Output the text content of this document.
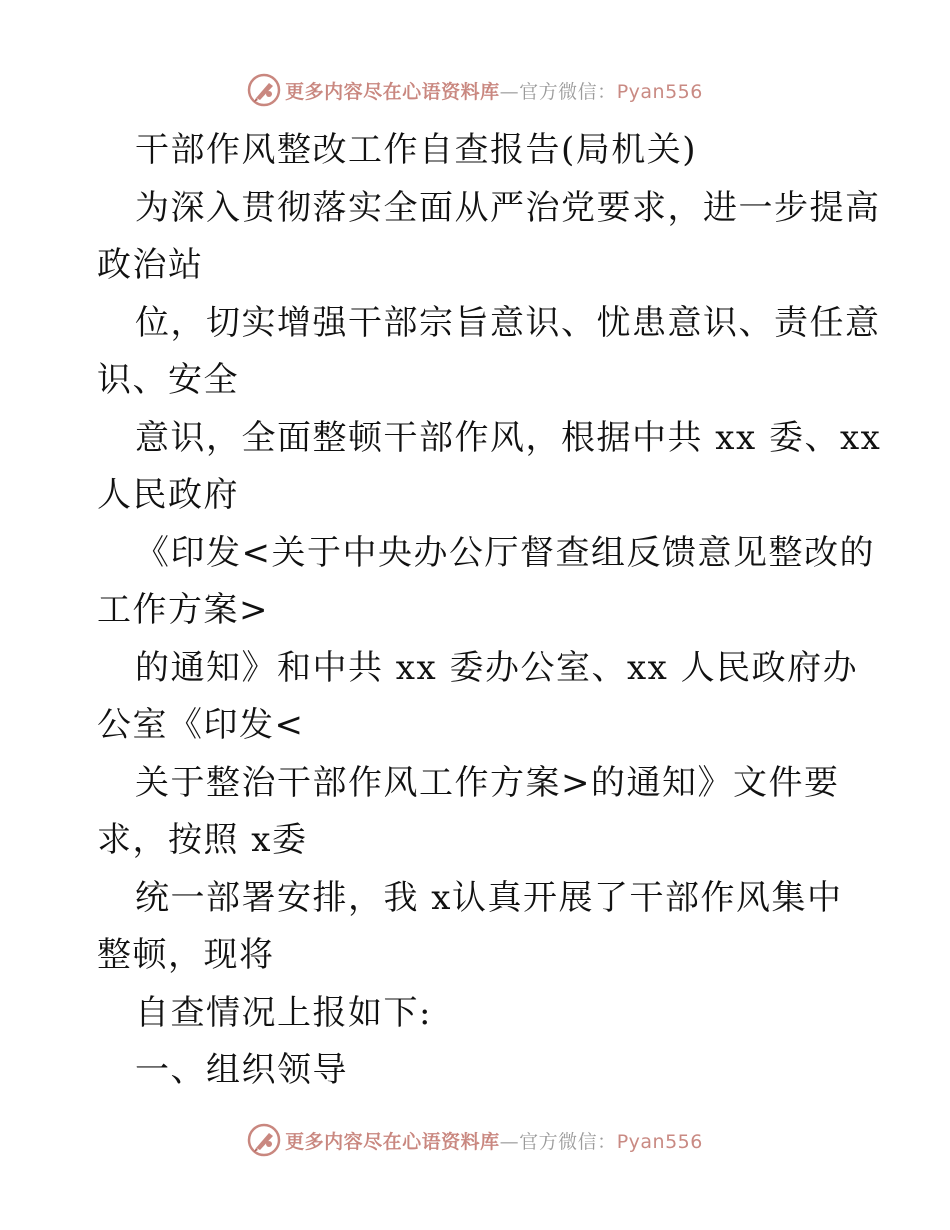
更多内容尽在心语资料库—官方微信：Pyan556
干部作风整改工作自查报告(局机关)
为深入贯彻落实全面从严治党要求，进一步提高
政治站
位，切实增强干部宗旨意识、忧患意识、责任意
识、安全
意识，全面整顿干部作风，根据中共 xx 委、xx
人民政府
《印发<关于中央办公厅督查组反馈意见整改的
工作方案>
的通知》和中共 xx 委办公室、xx 人民政府办
公室《印发<
关于整治干部作风工作方案>的通知》文件要
求，按照 x委
统一部署安排，我 x认真开展了干部作风集中
整顿，现将
自查情况上报如下:
一、组织领导
更多内容尽在心语资料库—官方微信：Pyan556
